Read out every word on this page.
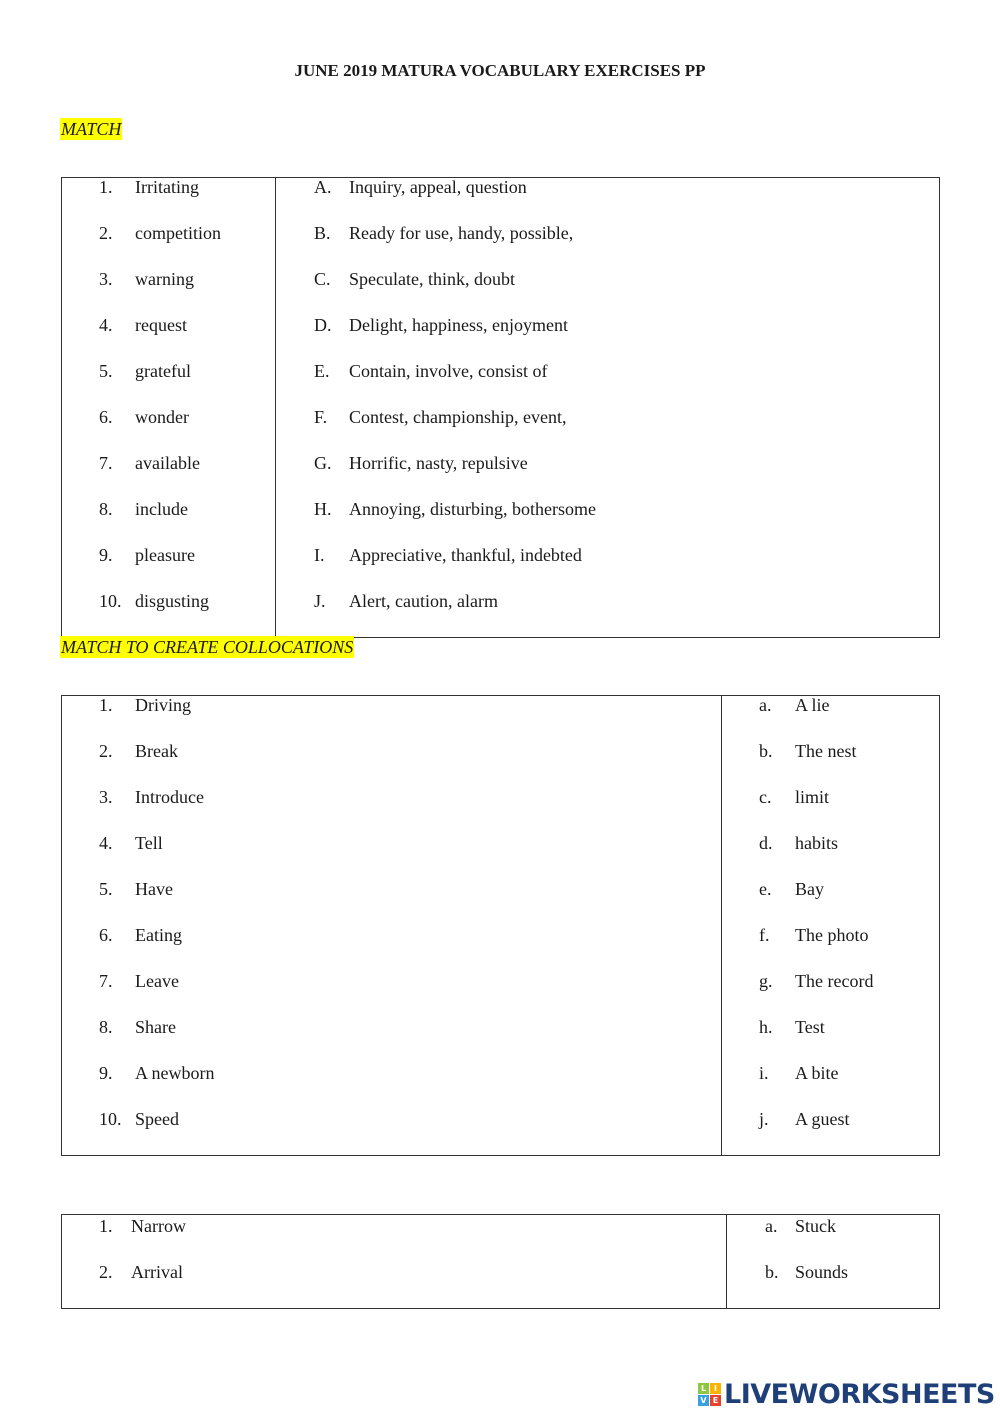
JUNE 2019 MATURA VOCABULARY EXERCISES PP
MATCH
1. Irritating
2. competition
3. warning
4. request
5. grateful
6. wonder
7. available
8. include
9. pleasure
10. disgusting
A. Inquiry, appeal, question
B. Ready for use, handy, possible,
C. Speculate, think, doubt
D. Delight, happiness, enjoyment
E. Contain, involve, consist of
F. Contest, championship, event,
G. Horrific, nasty, repulsive
H. Annoying, disturbing, bothersome
I. Appreciative, thankful, indebted
J. Alert, caution, alarm
MATCH TO CREATE COLLOCATIONS
1. Driving
2. Break
3. Introduce
4. Tell
5. Have
6. Eating
7. Leave
8. Share
9. A newborn
10. Speed
a. A lie
b. The nest
c. limit
d. habits
e. Bay
f. The photo
g. The record
h. Test
i. A bite
j. A guest
1. Narrow
2. Arrival
a. Stuck
b. Sounds
L I
V E LIVEWORKSHEETS
